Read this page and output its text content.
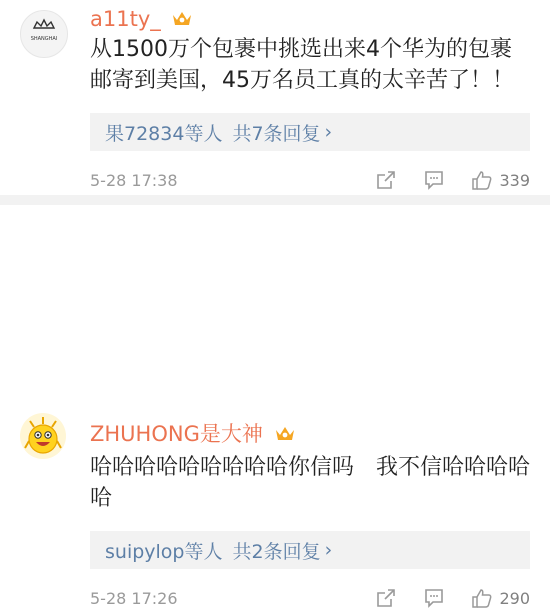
SHANGHAI
a11ty_

从1500万个包裹中挑选出来4个华为的包裹邮寄到美国，45万名员工真的太辛苦了！！

果72834等人 共7条回复 ›
5-28 17:38	339
ZHUHONG是大神

哈哈哈哈哈哈哈哈哈你信吗　我不信哈哈哈哈哈

suipylop等人 共2条回复 ›
5-28 17:26	290
